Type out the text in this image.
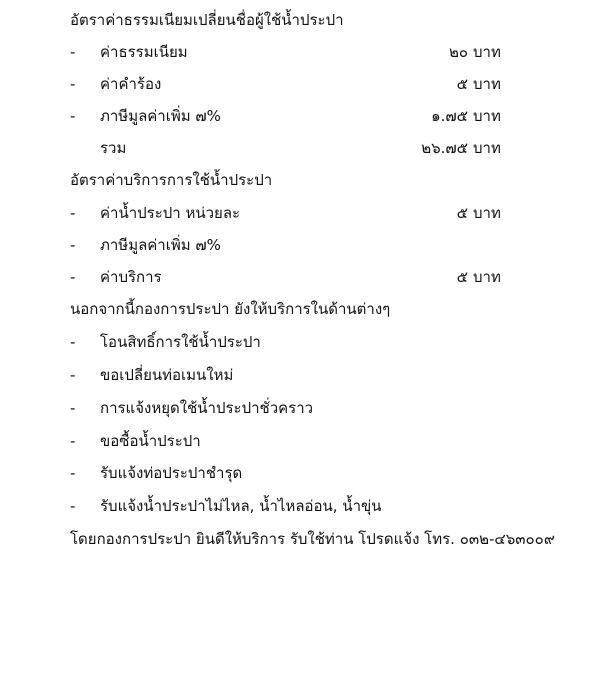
อัตราค่าธรรมเนียมเปลี่ยนชื่อผู้ใช้น้ำประปา
-	ค่าธรรมเนียม	๒๐ บาท
-	ค่าคำร้อง	๕ บาท
-	ภาษีมูลค่าเพิ่ม ๗%	๑.๗๕ บาท
รวม	๒๖.๗๕ บาท
อัตราค่าบริการการใช้น้ำประปา
-	ค่าน้ำประปา หน่วยละ	๕ บาท
-	ภาษีมูลค่าเพิ่ม ๗%
-	ค่าบริการ	๕ บาท
นอกจากนี้กองการประปา ยังให้บริการในด้านต่างๆ
-	โอนสิทธิ์การใช้น้ำประปา
-	ขอเปลี่ยนท่อเมนใหม่
-	การแจ้งหยุดใช้น้ำประปาชั่วคราว
-	ขอซื้อน้ำประปา
-	รับแจ้งท่อประปาชำรุด
-	รับแจ้งน้ำประปาไม่ไหล, น้ำไหลอ่อน, น้ำขุ่น
โดยกองการประปา ยินดีให้บริการ รับใช้ท่าน โปรดแจ้ง โทร. ๐๓๒-๔๖๓๐๐๙
